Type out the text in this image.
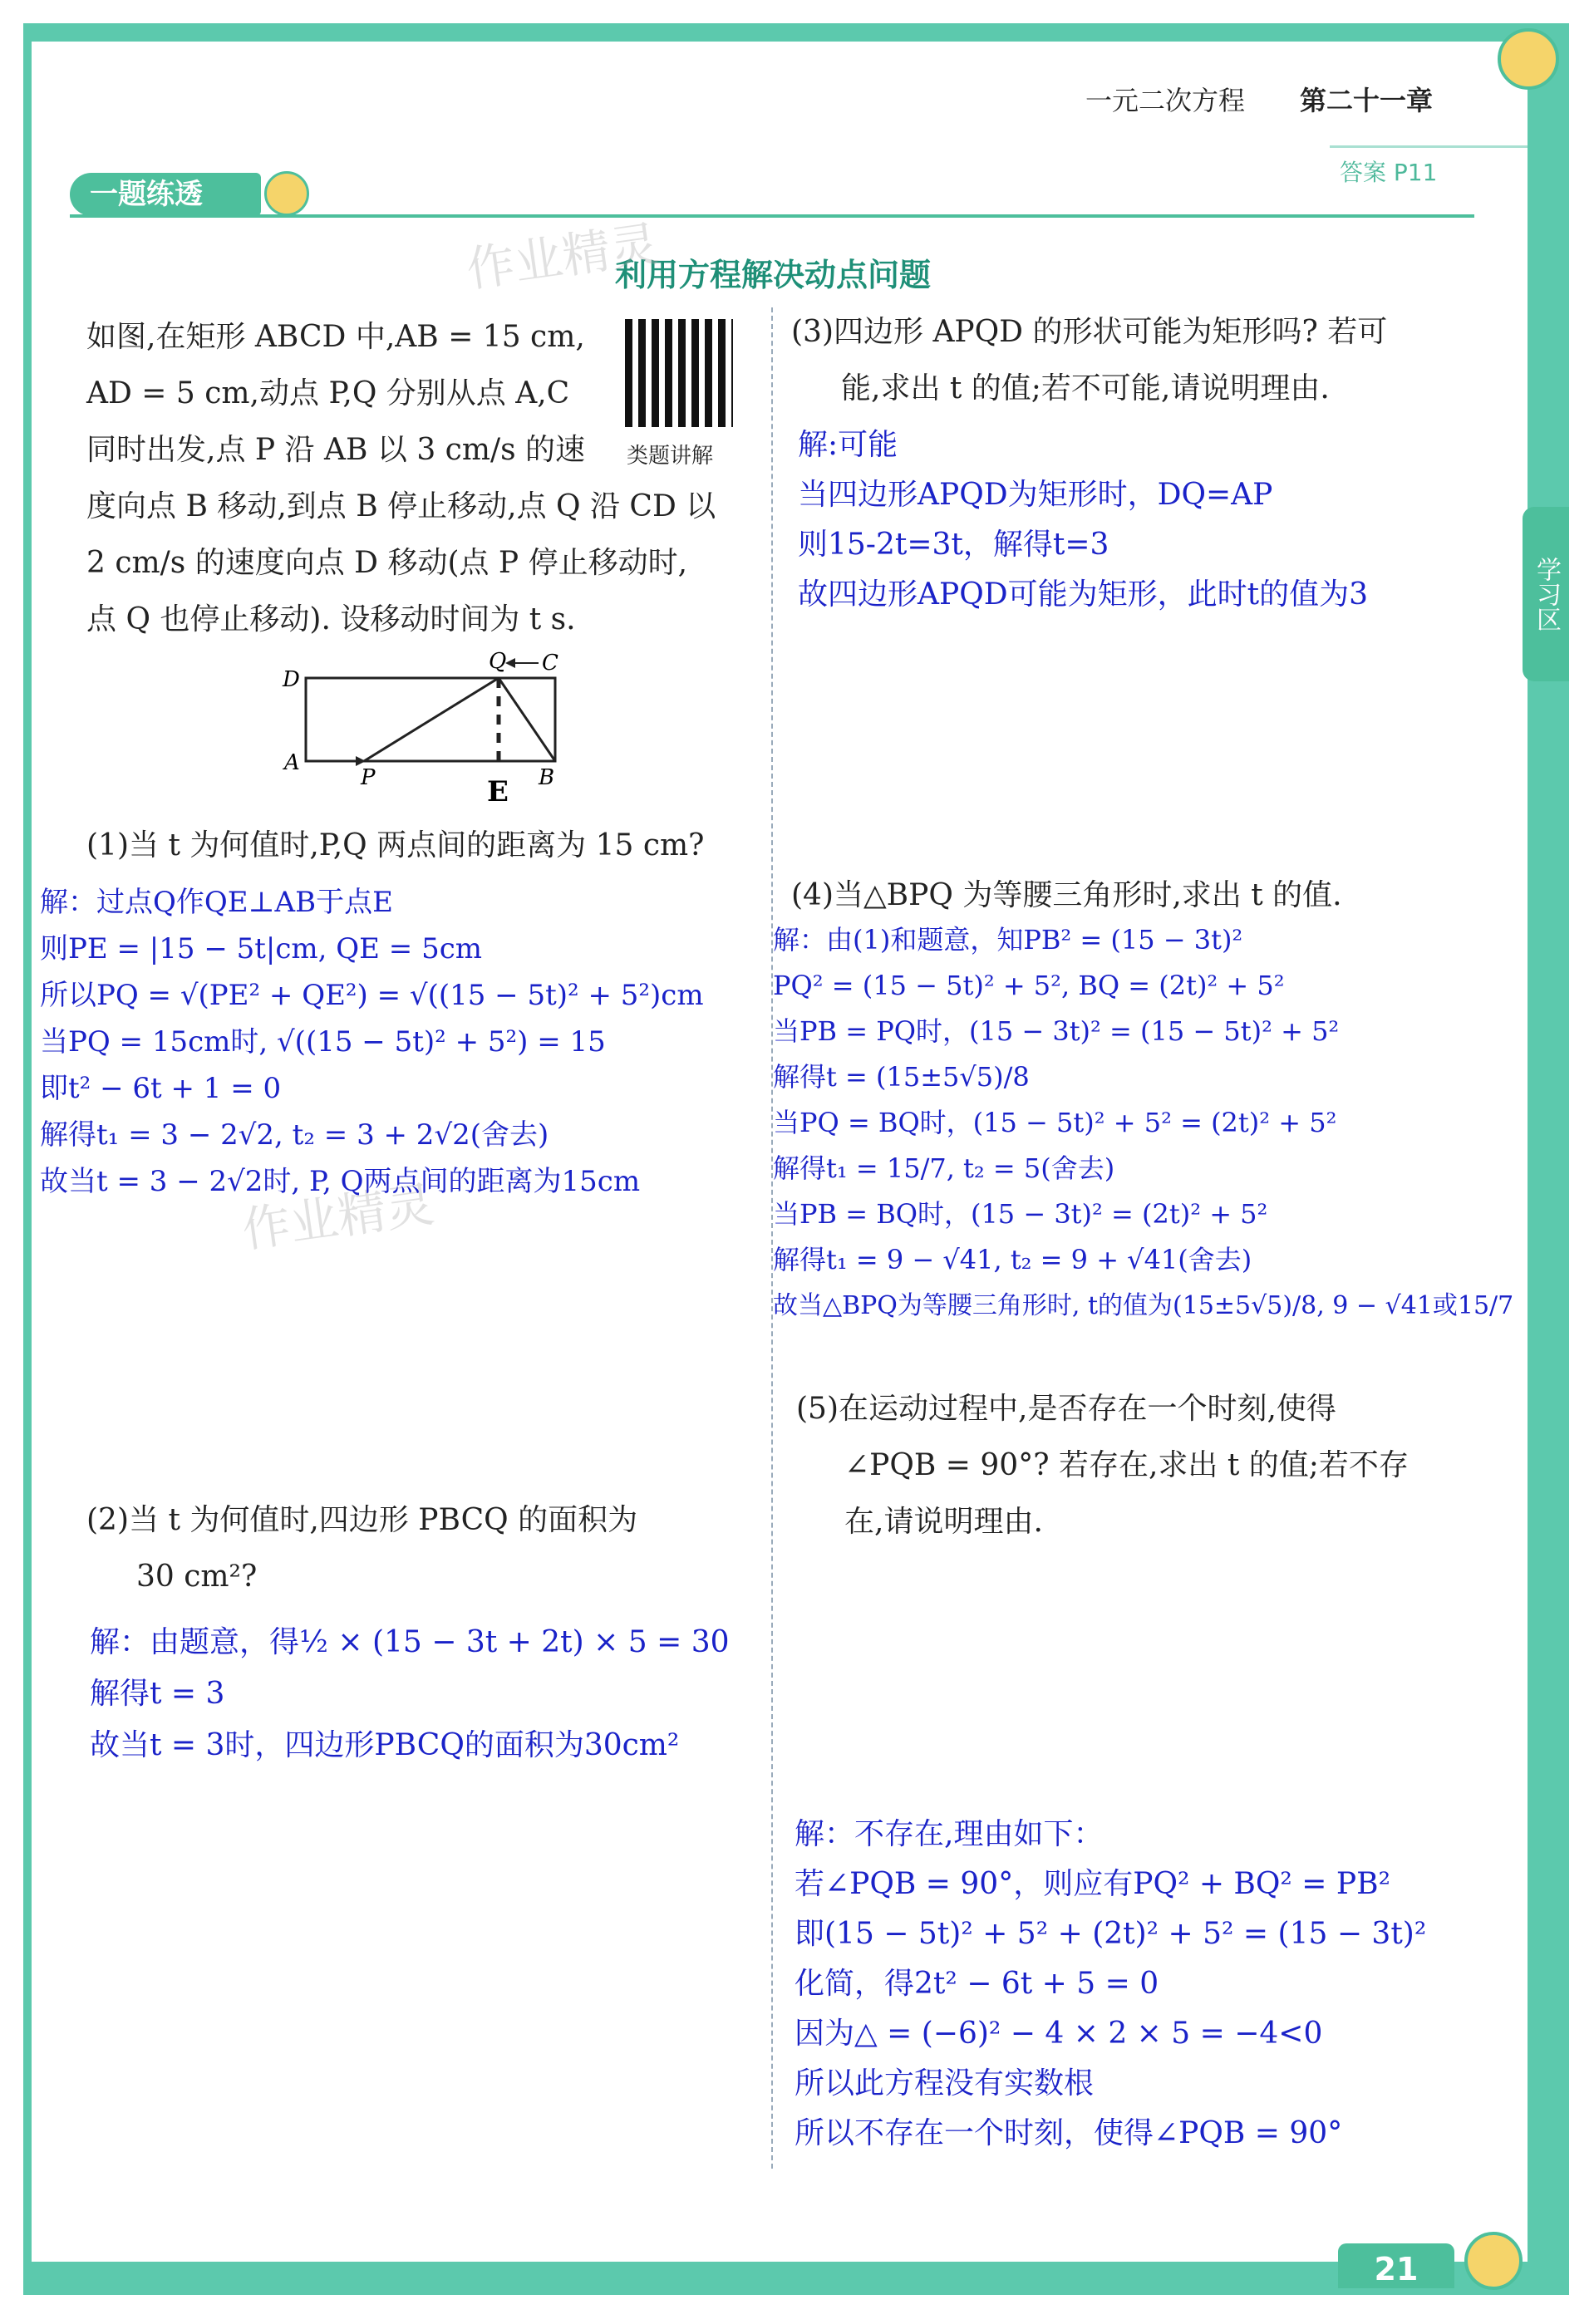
一元二次方程 第二十一章
答案 P11
一题练透
利用方程解决动点问题
作业精灵
作业精灵
学习区
如图,在矩形 ABCD 中,AB = 15 cm,
AD = 5 cm,动点 P,Q 分别从点 A,C
同时出发,点 P 沿 AB 以 3 cm/s 的速
度向点 B 移动,到点 B 停止移动,点 Q 沿 CD 以
2 cm/s 的速度向点 D 移动(点 P 停止移动时,
点 Q 也停止移动). 设移动时间为 t s.
类题讲解
D
C
Q
A
P	B
E
(1)当 t 为何值时,P,Q 两点间的距离为 15 cm?
解：过点Q作QE⊥AB于点E
则PE = |15 − 5t|cm, QE = 5cm
所以PQ = √(PE² + QE²) = √((15 − 5t)² + 5²)cm
当PQ = 15cm时, √((15 − 5t)² + 5²) = 15
即t² − 6t + 1 = 0
解得t₁ = 3 − 2√2, t₂ = 3 + 2√2(舍去)
故当t = 3 − 2√2时, P, Q两点间的距离为15cm
(2)当 t 为何值时,四边形 PBCQ 的面积为
30 cm²?
解：由题意，得½ × (15 − 3t + 2t) × 5 = 30
解得t = 3
故当t = 3时，四边形PBCQ的面积为30cm²
(3)四边形 APQD 的形状可能为矩形吗? 若可
能,求出 t 的值;若不可能,请说明理由.
解:可能
当四边形APQD为矩形时，DQ=AP
则15-2t=3t，解得t=3
故四边形APQD可能为矩形，此时t的值为3
(4)当△BPQ 为等腰三角形时,求出 t 的值.
解：由(1)和题意，知PB² = (15 − 3t)²
PQ² = (15 − 5t)² + 5², BQ = (2t)² + 5²
当PB = PQ时，(15 − 3t)² = (15 − 5t)² + 5²
解得t = (15±5√5)/8
当PQ = BQ时，(15 − 5t)² + 5² = (2t)² + 5²
解得t₁ = 15/7, t₂ = 5(舍去)
当PB = BQ时，(15 − 3t)² = (2t)² + 5²
解得t₁ = 9 − √41, t₂ = 9 + √41(舍去)
故当△BPQ为等腰三角形时, t的值为(15±5√5)/8, 9 − √41或15/7
(5)在运动过程中,是否存在一个时刻,使得
∠PQB = 90°? 若存在,求出 t 的值;若不存
在,请说明理由.
解：不存在,理由如下：
若∠PQB = 90°，则应有PQ² + BQ² = PB²
即(15 − 5t)² + 5² + (2t)² + 5² = (15 − 3t)²
化简，得2t² − 6t + 5 = 0
因为△ = (−6)² − 4 × 2 × 5 = −4<0
所以此方程没有实数根
所以不存在一个时刻，使得∠PQB = 90°
21
